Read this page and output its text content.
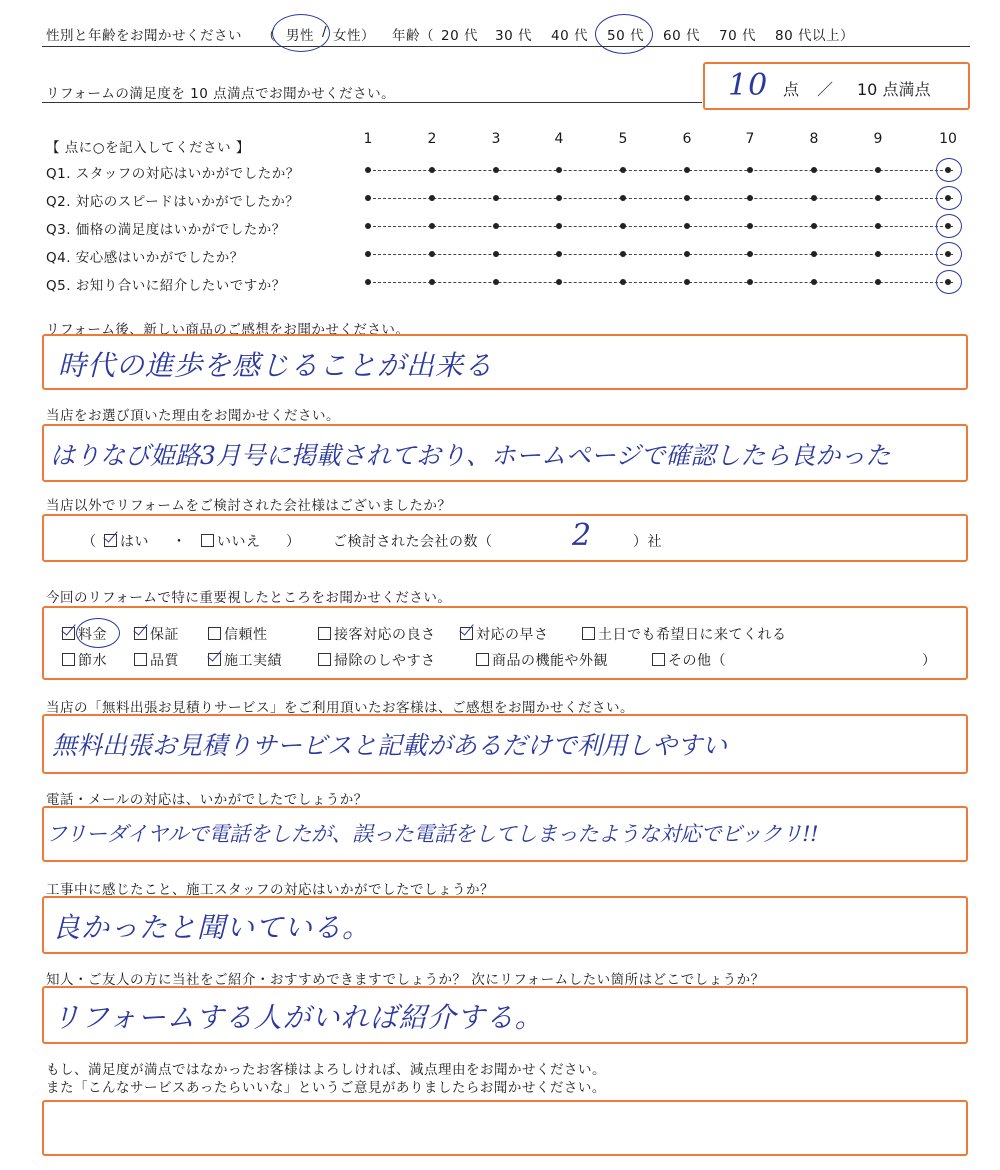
性別と年齢をお聞かせください （ 男性 / 女性） 年齢（ 20 代 30 代 40 代 50 代 60 代 70 代 80 代以上）
リフォームの満足度を 10 点満点でお聞かせください。	10 点 ／ 10 点満点
【 点に○を記入してください 】
1	2	3	4	5	6	7	8	9	10
Q1. スタッフの対応はいかがでしたか？
Q2. 対応のスピードはいかがでしたか？
Q3. 価格の満足度はいかがでしたか？
Q4. 安心感はいかがでしたか？
Q5. お知り合いに紹介したいですか？
リフォーム後、新しい商品のご感想をお聞かせください。
時代の進歩を感じることが出来る
当店をお選び頂いた理由をお聞かせください。
はりなび姫路3月号に掲載されており、ホームページで確認したら良かった
当店以外でリフォームをご検討された会社様はございましたか？
（	はい ・	いいえ ） ご検討された会社の数（	2	）社
今回のリフォームで特に重要視したところをお聞かせください。
料金	保証	信頼性	接客対応の良さ	対応の早さ	土日でも希望日に来てくれる
節水	品質	施工実績	掃除のしやすさ	商品の機能や外観	その他（	）
当店の「無料出張お見積りサービス」をご利用頂いたお客様は、ご感想をお聞かせください。
無料出張お見積りサービスと記載があるだけで利用しやすい
電話・メールの対応は、いかがでしたでしょうか？
フリーダイヤルで電話をしたが、誤った電話をしてしまったような対応でビックリ!!
工事中に感じたこと、施工スタッフの対応はいかがでしたでしょうか？
良かったと聞いている。
知人・ご友人の方に当社をご紹介・おすすめできますでしょうか？ 次にリフォームしたい箇所はどこでしょうか？
リフォームする人がいれば紹介する。
もし、満足度が満点ではなかったお客様はよろしければ、減点理由をお聞かせください。
また「こんなサービスあったらいいな」というご意見がありましたらお聞かせください。
